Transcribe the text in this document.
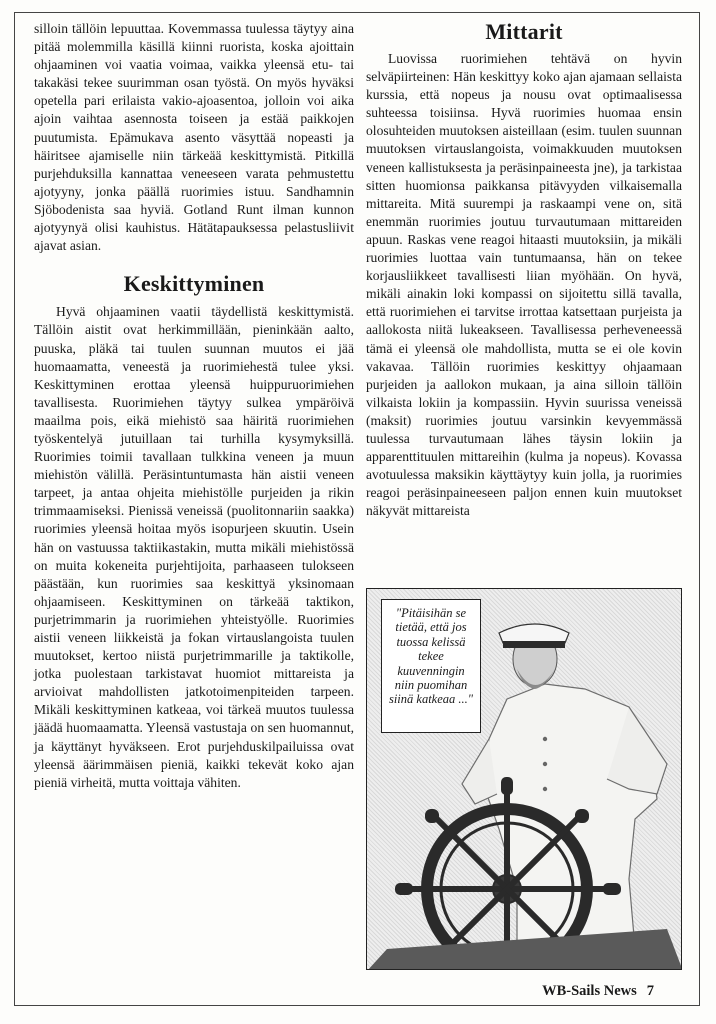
silloin tällöin lepuuttaa. Kovemmassa tuulessa täytyy aina pitää molemmilla käsillä kiinni ruorista, koska ajoittain ohjaaminen voi vaatia voimaa, vaikka yleensä etu- tai takakäsi tekee suurimman osan työstä. On myös hyväksi opetella pari erilaista vakio-ajoasentoa, jolloin voi aika ajoin vaihtaa asennosta toiseen ja estää paikkojen puutumista. Epämukava asento väsyttää nopeasti ja häiritsee ajamiselle niin tärkeää keskittymistä. Pitkillä purjehduksilla kannattaa veneeseen varata pehmustettu ajotyyny, jonka päällä ruorimies istuu. Sandhamnin Sjöbodenista saa hyviä. Gotland Runt ilman kunnon ajotyynyä olisi kauhistus. Hätätapauksessa pelastusliivit ajavat asian.

Keskittyminen

Hyvä ohjaaminen vaatii täydellistä keskittymistä. Tällöin aistit ovat herkimmillään, pieninkään aalto, puuska, pläkä tai tuulen suunnan muutos ei jää huomaamatta, veneestä ja ruorimiehestä tulee yksi. Keskittyminen erottaa yleensä huippuruorimiehen tavallisesta. Ruorimiehen täytyy sulkea ympäröivä maailma pois, eikä miehistö saa häiritä ruorimiehen työskentelyä jutuillaan tai turhilla kysymyksillä. Ruorimies toimii tavallaan tulkkina veneen ja muun miehistön välillä. Peräsintuntumasta hän aistii veneen tarpeet, ja antaa ohjeita miehistölle purjeiden ja rikin trimmaamiseksi. Pienissä veneissä (puolitonnariin saakka) ruorimies yleensä hoitaa myös isopurjeen skuutin. Usein hän on vastuussa taktiikastakin, mutta mikäli miehistössä on muita kokeneita purjehtijoita, parhaaseen tulokseen päästään, kun ruorimies saa keskittyä yksinomaan ohjaamiseen. Keskittyminen on tärkeää taktikon, purjetrimmarin ja ruorimiehen yhteistyölle. Ruorimies aistii veneen liikkeistä ja fokan virtauslangoista tuulen muutokset, kertoo niistä purjetrimmarille ja taktikolle, jotka puolestaan tarkistavat huomiot mittareista ja arvioivat mahdollisten jatkotoimenpiteiden tarpeen. Mikäli keskittyminen katkeaa, voi tärkeä muutos tuulessa jäädä huomaamatta. Yleensä vastustaja on sen huomannut, ja käyttänyt hyväkseen. Erot purjehduskilpailuissa ovat yleensä äärimmäisen pieniä, kaikki tekevät koko ajan pieniä virheitä, mutta voittaja vähiten.

Mittarit

Luovissa ruorimiehen tehtävä on hyvin selväpiirteinen: Hän keskittyy koko ajan ajamaan sellaista kurssia, että nopeus ja nousu ovat optimaalisessa suhteessa toisiinsa. Hyvä ruorimies huomaa ensin olosuhteiden muutoksen aisteillaan (esim. tuulen suunnan muutoksen virtauslangoista, voimakkuuden muutoksen veneen kallistuksesta ja peräsinpaineesta jne), ja tarkistaa sitten huomionsa paikkansa pitävyyden vilkaisemalla mittareita. Mitä suurempi ja raskaampi vene on, sitä enemmän ruorimies joutuu turvautumaan mittareiden apuun. Raskas vene reagoi hitaasti muutoksiin, ja mikäli ruorimies luottaa vain tuntumaansa, hän on tekee korjausliikkeet tavallisesti liian myöhään. On hyvä, mikäli ainakin loki kompassi on sijoitettu sillä tavalla, että ruorimiehen ei tarvitse irrottaa katsettaan purjeista ja aallokosta niitä lukeakseen. Tavallisessa perheveneessä tämä ei yleensä ole mahdollista, mutta se ei ole kovin vakavaa. Tällöin ruorimies keskittyy ohjaamaan purjeiden ja aallokon mukaan, ja aina silloin tällöin vilkaista lokiin ja kompassiin. Hyvin suurissa veneissä (maksit) ruorimies joutuu varsinkin kevyemmässä tuulessa turvautumaan lähes täysin lokiin ja apparenttituulen mittareihin (kulma ja nopeus). Kovassa avotuulessa maksikin käyttäytyy kuin jolla, ja ruorimies reagoi peräsinpaineeseen paljon ennen kuin muutokset näkyvät mittareista

"Pitäisihän se tietää, että jos tuossa kelissä tekee kuuvenningin niin puomihan siinä katkeaa ..."
WB-Sails News 7
